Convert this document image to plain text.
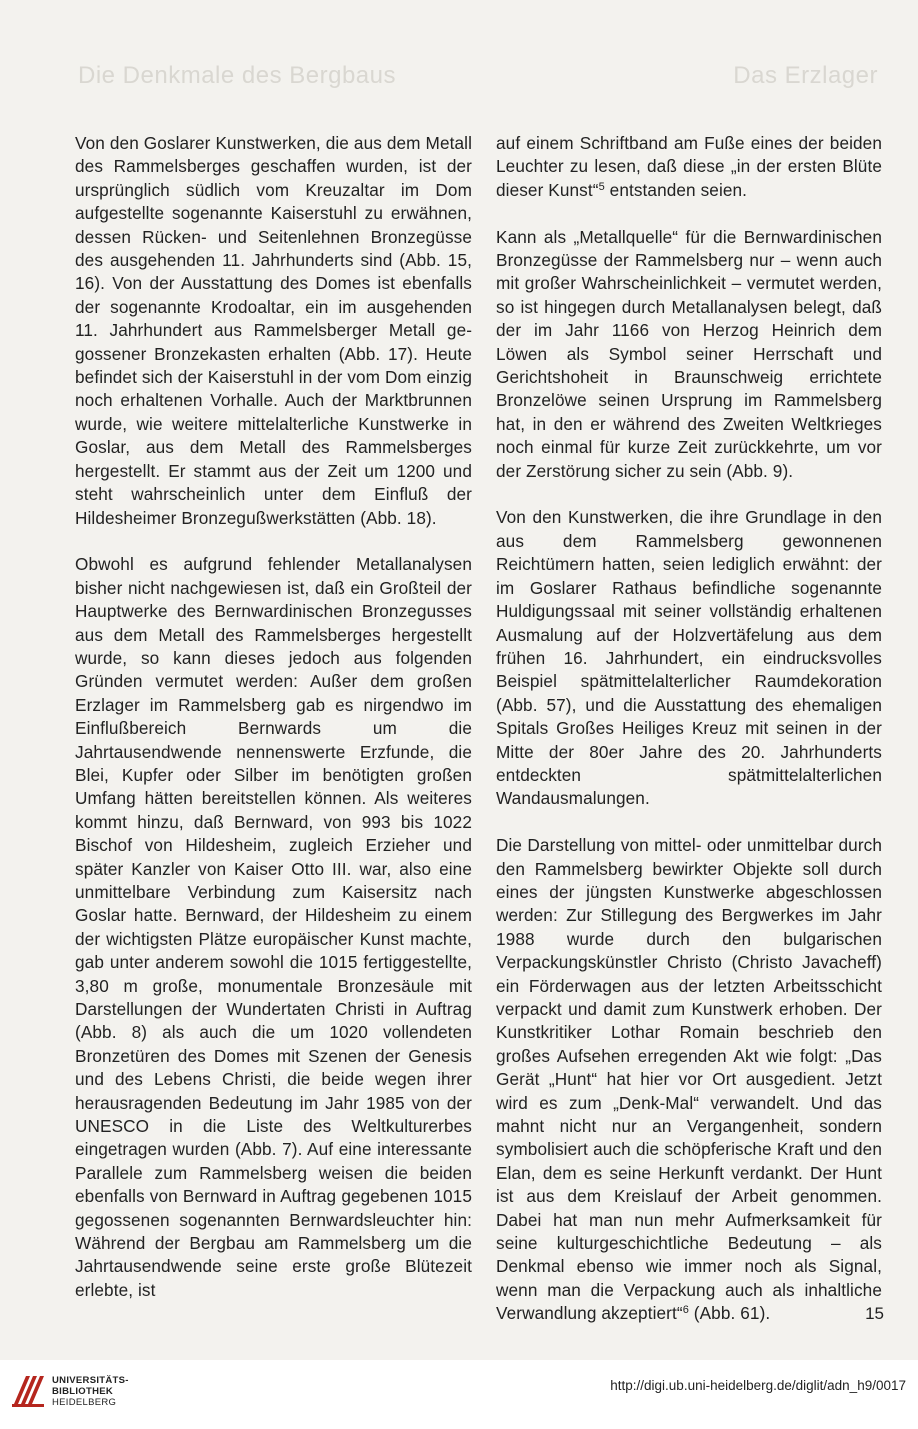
Die Denkmale des Bergbaus	Das Erzlager

Von den Goslarer Kunstwerken, die aus dem Metall des Rammelsberges geschaffen wurden, ist der ursprünglich südlich vom Kreuzaltar im Dom aufgestellte sogenannte Kaiserstuhl zu erwähnen, dessen Rücken- und Seitenlehnen Bronzegüsse des ausgehenden 11. Jahrhunderts sind (Abb. 15, 16). Von der Ausstattung des Domes ist ebenfalls der sogenannte Krodoaltar, ein im ausgehenden 11. Jahrhundert aus Rammelsberger Metall gegossener Bronzekasten erhalten (Abb. 17). Heute befindet sich der Kaiserstuhl in der vom Dom einzig noch erhaltenen Vorhalle. Auch der Marktbrunnen wurde, wie weitere mittelalterliche Kunstwerke in Goslar, aus dem Metall des Rammelsberges hergestellt. Er stammt aus der Zeit um 1200 und steht wahrscheinlich unter dem Einfluß der Hildesheimer Bronzegußwerkstätten (Abb. 18).

Obwohl es aufgrund fehlender Metallanalysen bisher nicht nachgewiesen ist, daß ein Großteil der Hauptwerke des Bernwardinischen Bronzegusses aus dem Metall des Rammelsberges hergestellt wurde, so kann dieses jedoch aus folgenden Gründen vermutet werden: Außer dem großen Erzlager im Rammelsberg gab es nirgendwo im Einflußbereich Bernwards um die Jahrtausendwende nennenswerte Erzfunde, die Blei, Kupfer oder Silber im benötigten großen Umfang hätten bereitstellen können. Als weiteres kommt hinzu, daß Bernward, von 993 bis 1022 Bischof von Hildesheim, zugleich Erzieher und später Kanzler von Kaiser Otto III. war, also eine unmittelbare Verbindung zum Kaisersitz nach Goslar hatte. Bernward, der Hildesheim zu einem der wichtigsten Plätze europäischer Kunst machte, gab unter anderem sowohl die 1015 fertiggestellte, 3,80 m große, monumentale Bronzesäule mit Darstellungen der Wundertaten Christi in Auftrag (Abb. 8) als auch die um 1020 vollendeten Bronzetüren des Domes mit Szenen der Genesis und des Lebens Christi, die beide wegen ihrer herausragenden Bedeutung im Jahr 1985 von der UNESCO in die Liste des Weltkulturerbes eingetragen wurden (Abb. 7). Auf eine interessante Parallele zum Rammelsberg weisen die beiden ebenfalls von Bernward in Auftrag gegebenen 1015 gegossenen sogenannten Bernwardsleuchter hin: Während der Bergbau am Rammelsberg um die Jahrtausendwende seine erste große Blütezeit erlebte, ist

auf einem Schriftband am Fuße eines der beiden Leuchter zu lesen, daß diese „in der ersten Blüte dieser Kunst“$^5$ entstanden seien.

Kann als „Metallquelle“ für die Bernwardinischen Bronzegüsse der Rammelsberg nur – wenn auch mit großer Wahrscheinlichkeit – vermutet werden, so ist hingegen durch Metallanalysen belegt, daß der im Jahr 1166 von Herzog Heinrich dem Löwen als Symbol seiner Herrschaft und Gerichtshoheit in Braunschweig errichtete Bronzelöwe seinen Ursprung im Rammelsberg hat, in den er während des Zweiten Weltkrieges noch einmal für kurze Zeit zurückkehrte, um vor der Zerstörung sicher zu sein (Abb. 9).

Von den Kunstwerken, die ihre Grundlage in den aus dem Rammelsberg gewonnenen Reichtümern hatten, seien lediglich erwähnt: der im Goslarer Rathaus befindliche sogenannte Huldigungssaal mit seiner vollständig erhaltenen Ausmalung auf der Holzvertäfelung aus dem frühen 16. Jahrhundert, ein eindrucksvolles Beispiel spätmittelalterlicher Raumdekoration (Abb. 57), und die Ausstattung des ehemaligen Spitals Großes Heiliges Kreuz mit seinen in der Mitte der 80er Jahre des 20. Jahrhunderts entdeckten spätmittelalterlichen Wandausmalungen.

Die Darstellung von mittel- oder unmittelbar durch den Rammelsberg bewirkter Objekte soll durch eines der jüngsten Kunstwerke abgeschlossen werden: Zur Stillegung des Bergwerkes im Jahr 1988 wurde durch den bulgarischen Verpackungskünstler Christo (Christo Javacheff) ein Förderwagen aus der letzten Arbeitsschicht verpackt und damit zum Kunstwerk erhoben. Der Kunstkritiker Lothar Romain beschrieb den großes Aufsehen erregenden Akt wie folgt: „Das Gerät „Hunt“ hat hier vor Ort ausgedient. Jetzt wird es zum „Denk-Mal“ verwandelt. Und das mahnt nicht nur an Vergangenheit, sondern symbolisiert auch die schöpferische Kraft und den Elan, dem es seine Herkunft verdankt. Der Hunt ist aus dem Kreislauf der Arbeit genommen. Dabei hat man nun mehr Aufmerksamkeit für seine kulturgeschichtliche Bedeutung – als Denkmal ebenso wie immer noch als Signal, wenn man die Verpackung auch als inhaltliche Verwandlung akzeptiert“$^6$ (Abb. 61).	15
UNIVERSITÄTS-
BIBLIOTHEK
HEIDELBERG
http://digi.ub.uni-heidelberg.de/diglit/adn_h9/0017
